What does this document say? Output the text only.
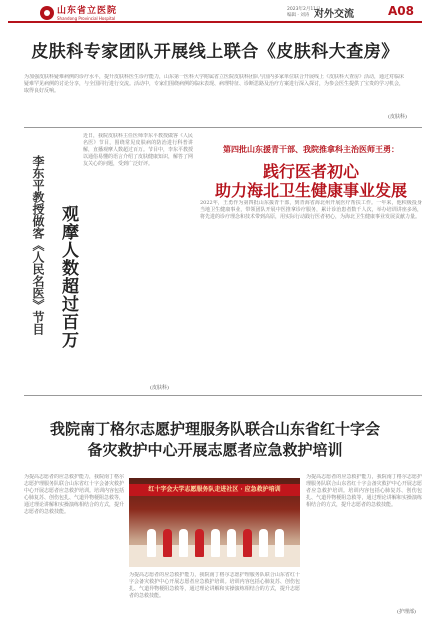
山东省立医院
Shandong Provincial Hospital
2023年2月11日
编辑 · 刘涛 对外交流	A08
皮肤科专家团队开展线上联合《皮肤科大查房》
为加强皮肤科疑难病例的诊疗水平，提升皮肤科医生诊疗能力，山东第一医科大学附属省立医院皮肤科团队与国内多家单位联合开展线上《皮肤科大查房》活动，通过对临床疑难罕见病例的讨论分享，与全国同行进行交流。活动中，专家们围绕病例的临床表现、病理特征、诊断思路及治疗方案进行深入探讨，为参会医生提供了宝贵的学习机会，取得良好反响。
(皮肤科)
近日，我院皮肤科主任医师李东平教授做客《人民名医》节目，围绕常见皮肤病的防治进行科普讲解，直播观摩人数超过百万。节目中，李东平教授以通俗易懂的语言介绍了皮肤健康知识，解答了网友关心的问题，受到广泛好评。
(皮肤科)
观摩人数超过百万
李东平教授做客《人民名医》节目
第四批山东援青干部、我院推拿科主治医师王勇：
践行医者初心
助力海北卫生健康事业发展
2022年，王勇作为第四批山东援青干部，到青海省海北州开展医疗帮扶工作。一年来，他积极投身当地卫生健康事业，带领团队开展中医推拿诊疗服务，累计诊治患者数千人次，举办培训讲座多场，将先进的诊疗理念和技术带到高原，用实际行动践行医者初心，为海北卫生健康事业发展贡献力量。
我院南丁格尔志愿护理服务队联合山东省红十字会
备灾救护中心开展志愿者应急救护培训
为提高志愿者的应急救护能力，我院南丁格尔志愿护理服务队联合山东省红十字会备灾救护中心开展志愿者应急救护培训。培训内容包括心肺复苏、创伤包扎、气道异物梗阻急救等，通过理论讲解和实操演练相结合的方式，提升志愿者的急救技能。
为提高志愿者的应急救护能力，我院南丁格尔志愿护理服务队联合山东省红十字会备灾救护中心开展志愿者应急救护培训。培训内容包括心肺复苏、创伤包扎、气道异物梗阻急救等，通过理论讲解和实操演练相结合的方式，提升志愿者的急救技能。
为提高志愿者的应急救护能力，我院南丁格尔志愿护理服务队联合山东省红十字会备灾救护中心开展志愿者应急救护培训。培训内容包括心肺复苏、创伤包扎、气道异物梗阻急救等，通过理论讲解和实操演练相结合的方式，提升志愿者的急救技能。
(护理部)
红十字会大学志愿服务队走进社区 · 应急救护培训
